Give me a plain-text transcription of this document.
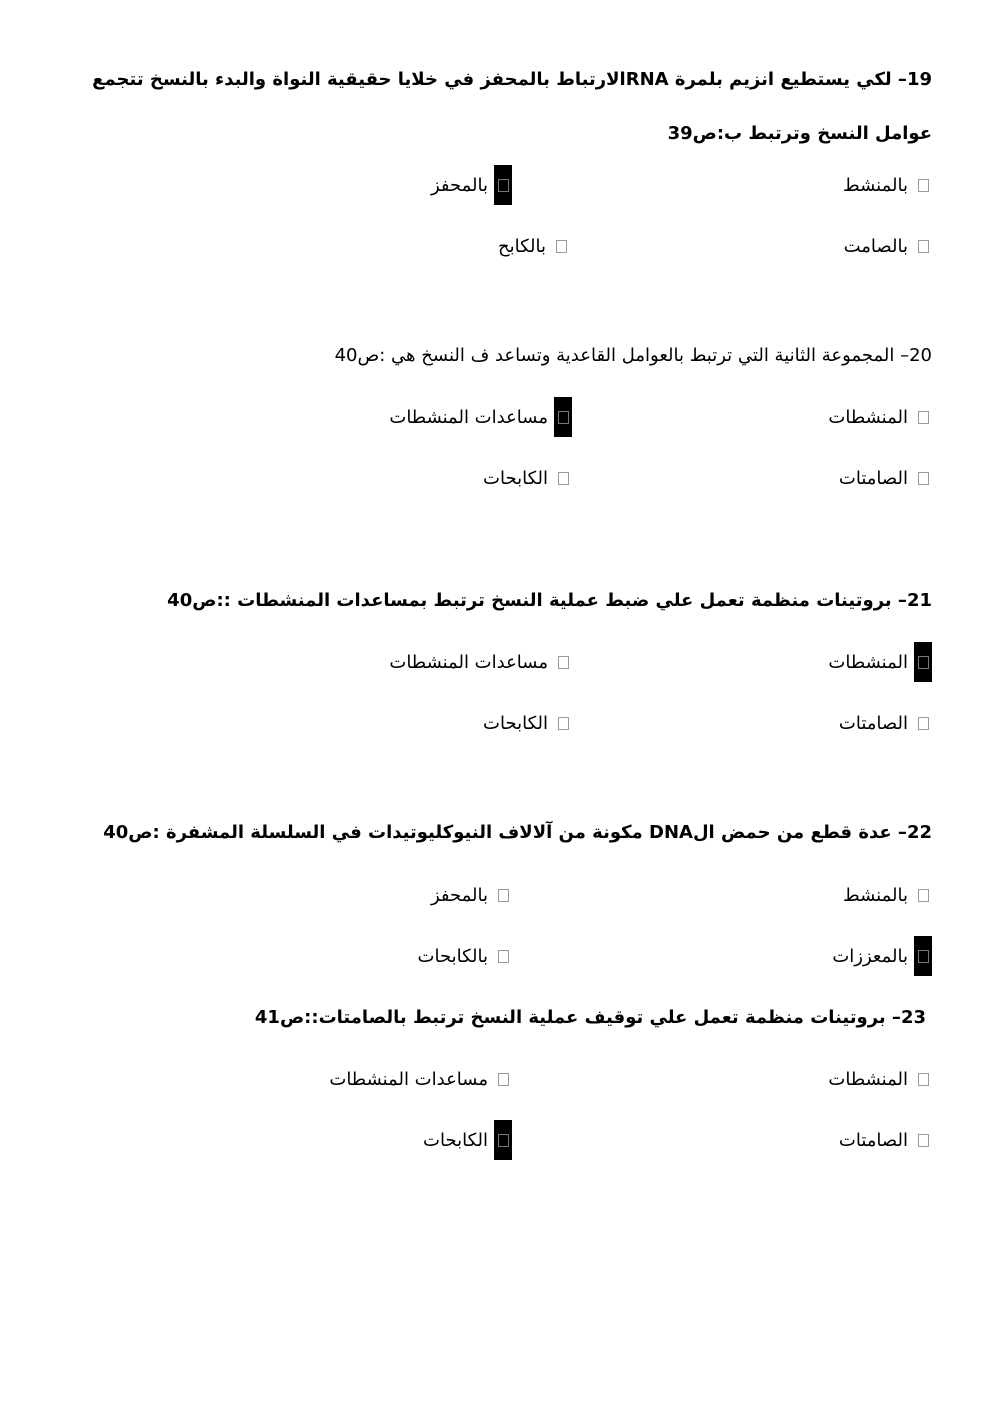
19– لكي يستطيع انزيم بلمرة RNAالارتباط بالمحفز في خلايا حقيقية النواة والبدء بالنسخ تتجمع عوامل النسخ وترتبط ب:ص39
بالمنشط
بالمحفز
بالصامت
بالكابح
20– المجموعة الثانية التي ترتبط بالعوامل القاعدية وتساعد ف النسخ هي :ص40
المنشطات
مساعدات المنشطات
الصامتات
الكابحات
21– بروتينات منظمة تعمل علي ضبط عملية النسخ ترتبط بمساعدات المنشطات ::ص40
المنشطات
مساعدات المنشطات
الصامتات
الكابحات
22– عدة قطع من حمض الDNA مكونة من آلالاف النيوكليوتيدات في السلسلة المشفرة :ص40
بالمنشط
بالمحفز
بالمعززات
بالكابحات
23– بروتينات منظمة تعمل علي توقيف عملية النسخ ترتبط بالصامتات::ص41
المنشطات
مساعدات المنشطات
الصامتات
الكابحات
